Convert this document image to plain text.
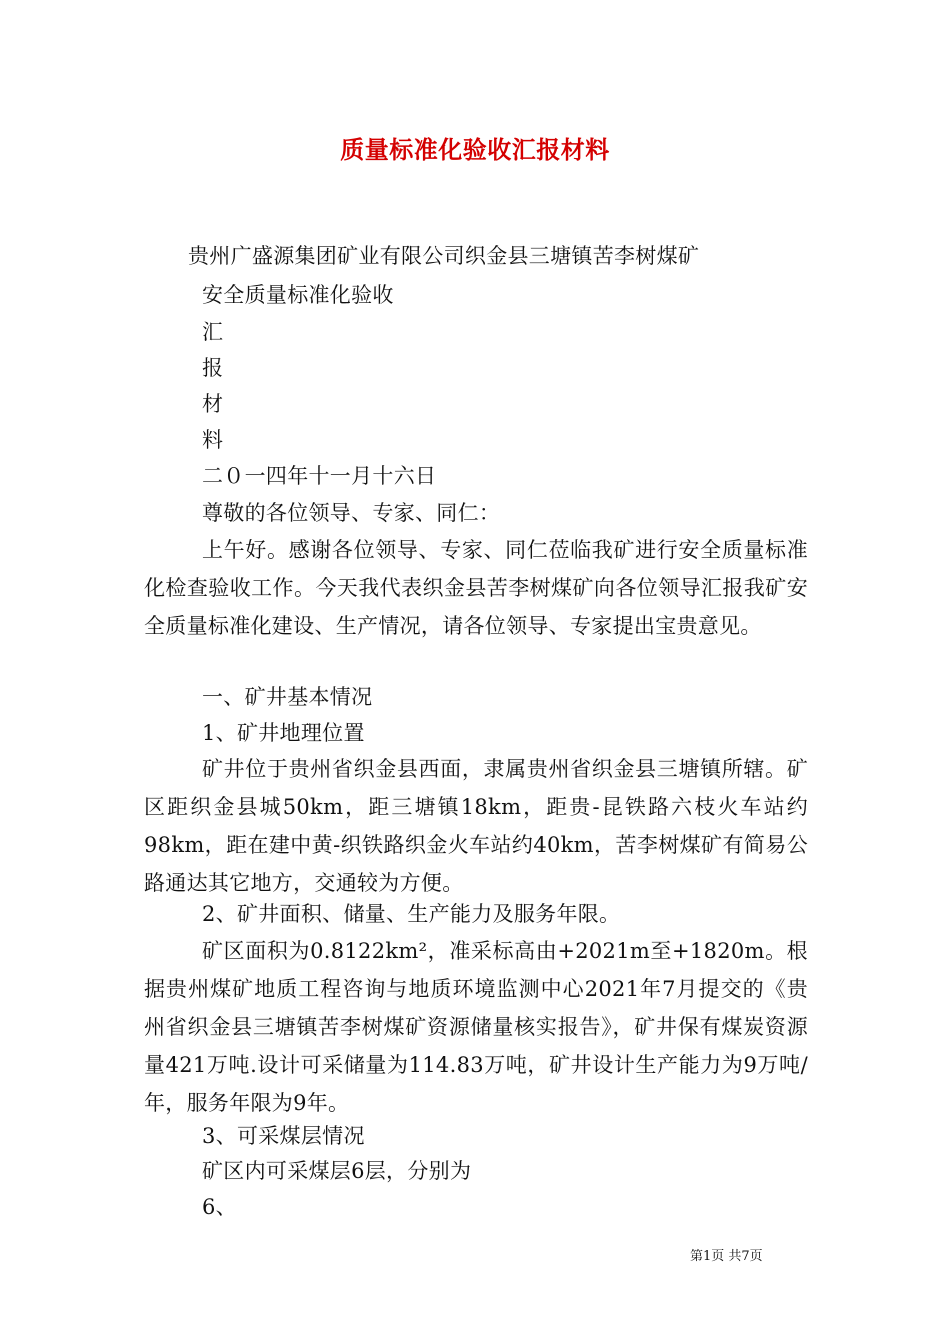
质量标准化验收汇报材料
贵州广盛源集团矿业有限公司织金县三塘镇苦李树煤矿
安全质量标准化验收
汇
报
材
料
二０一四年十一月十六日
尊敬的各位领导、专家、同仁：
上午好。感谢各位领导、专家、同仁莅临我矿进行安全质量标准化检查验收工作。今天我代表织金县苦李树煤矿向各位领导汇报我矿安全质量标准化建设、生产情况，请各位领导、专家提出宝贵意见。
一、矿井基本情况
1、矿井地理位置
矿井位于贵州省织金县西面，隶属贵州省织金县三塘镇所辖。矿区距织金县城50km，距三塘镇18km，距贵-昆铁路六枝火车站约98km，距在建中黄-织铁路织金火车站约40km，苦李树煤矿有简易公路通达其它地方，交通较为方便。
2、矿井面积、储量、生产能力及服务年限。
矿区面积为0.8122km²，准采标高由+2021m至+1820m。根据贵州煤矿地质工程咨询与地质环境监测中心2021年7月提交的《贵州省织金县三塘镇苦李树煤矿资源储量核实报告》，矿井保有煤炭资源量421万吨.设计可采储量为114.83万吨，矿井设计生产能力为9万吨/年，服务年限为9年。
3、可采煤层情况
矿区内可采煤层6层，分别为
6、
第1页 共7页
